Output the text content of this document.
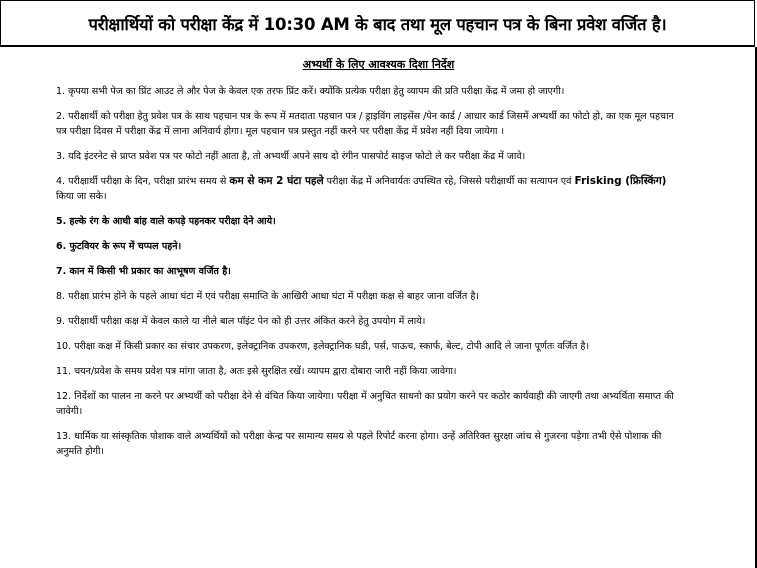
परीक्षार्थियों को परीक्षा केंद्र में 10:30 AM के बाद तथा मूल पहचान पत्र के बिना प्रवेश वर्जित है।
अभ्यर्थी के लिए आवश्यक दिशा निर्देश

1. कृपया सभी पेज का प्रिंट आउट ले और पेज के केवल एक तरफ प्रिंट करें। क्योंकि प्रत्येक परीक्षा हेतु व्यापम की प्रति परीक्षा केंद्र में जमा हो जाएगी।

2. परीक्षार्थी को परीक्षा हेतु प्रवेश पत्र के साथ पहचान पत्र के रूप में मतदाता पहचान पत्र / ड्राइविंग लाइसेंस /पेन कार्ड / आधार कार्ड जिसमें अभ्यर्थी का फोटो हो, का एक मूल पहचान पत्र परीक्षा दिवस में परीक्षा केंद्र में लाना अनिवार्य होगा। मूल पहचान पत्र प्रस्तुत नहीं करने पर परीक्षा केंद्र में प्रवेश नहीं दिया जायेगा ।

3. यदि इंटरनेट से प्राप्त प्रवेश पत्र पर फोटो नहीं आता है, तो अभ्यर्थी अपने साथ दो रंगीन पासपोर्ट साइज फोटो ले कर परीक्षा केंद्र में जावे।

4. परीक्षार्थी परीक्षा के दिन, परीक्षा प्रारंभ समय से कम से कम 2 घंटा पहले परीक्षा केंद्र में अनिवार्यतः उपस्थित रहे, जिससे परीक्षार्थी का सत्यापन एवं Frisking (फ्रिस्किंग) किया जा सके।

5. हल्के रंग के आधी बांह वाले कपड़े पहनकर परीक्षा देने आये।

6. फुटवियर के रूप में चप्पल पहने।

7. कान में किसी भी प्रकार का आभूषण वर्जित है।

8. परीक्षा प्रारंभ होने के पहले आधा घंटा में एवं परीक्षा समाप्ति के आखिरी आधा घंटा में परीक्षा कक्ष से बाहर जाना वर्जित है।

9. परीक्षार्थी परीक्षा कक्ष में केवल काले या नीले बाल पॉइंट पेन को ही उत्तर अंकित करने हेतु उपयोग में लाये।

10. परीक्षा कक्ष में किसी प्रकार का संचार उपकरण, इलेक्ट्रानिक उपकरण, इलेक्ट्रानिक घडी, पर्स, पाऊच, स्कार्फ, बेल्ट, टोपी आदि ले जाना पूर्णतः वर्जित है।

11. चयन/प्रवेश के समय प्रवेश पत्र मांगा जाता है, अतः इसे सुरक्षित रखें। व्यापम द्वारा दोबारा जारी नहीं किया जावेगा।

12. निर्देशों का पालन ना करने पर अभ्यर्थी को परीक्षा देने से वंचित किया जायेगा। परीक्षा में अनुचित साधनो का प्रयोग करने पर कठोर कार्यवाही की जाएगी तथा अभ्यर्थिता समाप्त की जावेगी।

13. धार्मिक या सांस्कृतिक पोशाक वाले अभ्यर्थियों को परीक्षा केन्द्र पर सामान्य समय से पहले रिपोर्ट करना होगा। उन्हें अतिरिक्त सुरक्षा जांच से गुजरना पड़ेगा तभी ऐसे पोशाक की अनुमति होगी।
